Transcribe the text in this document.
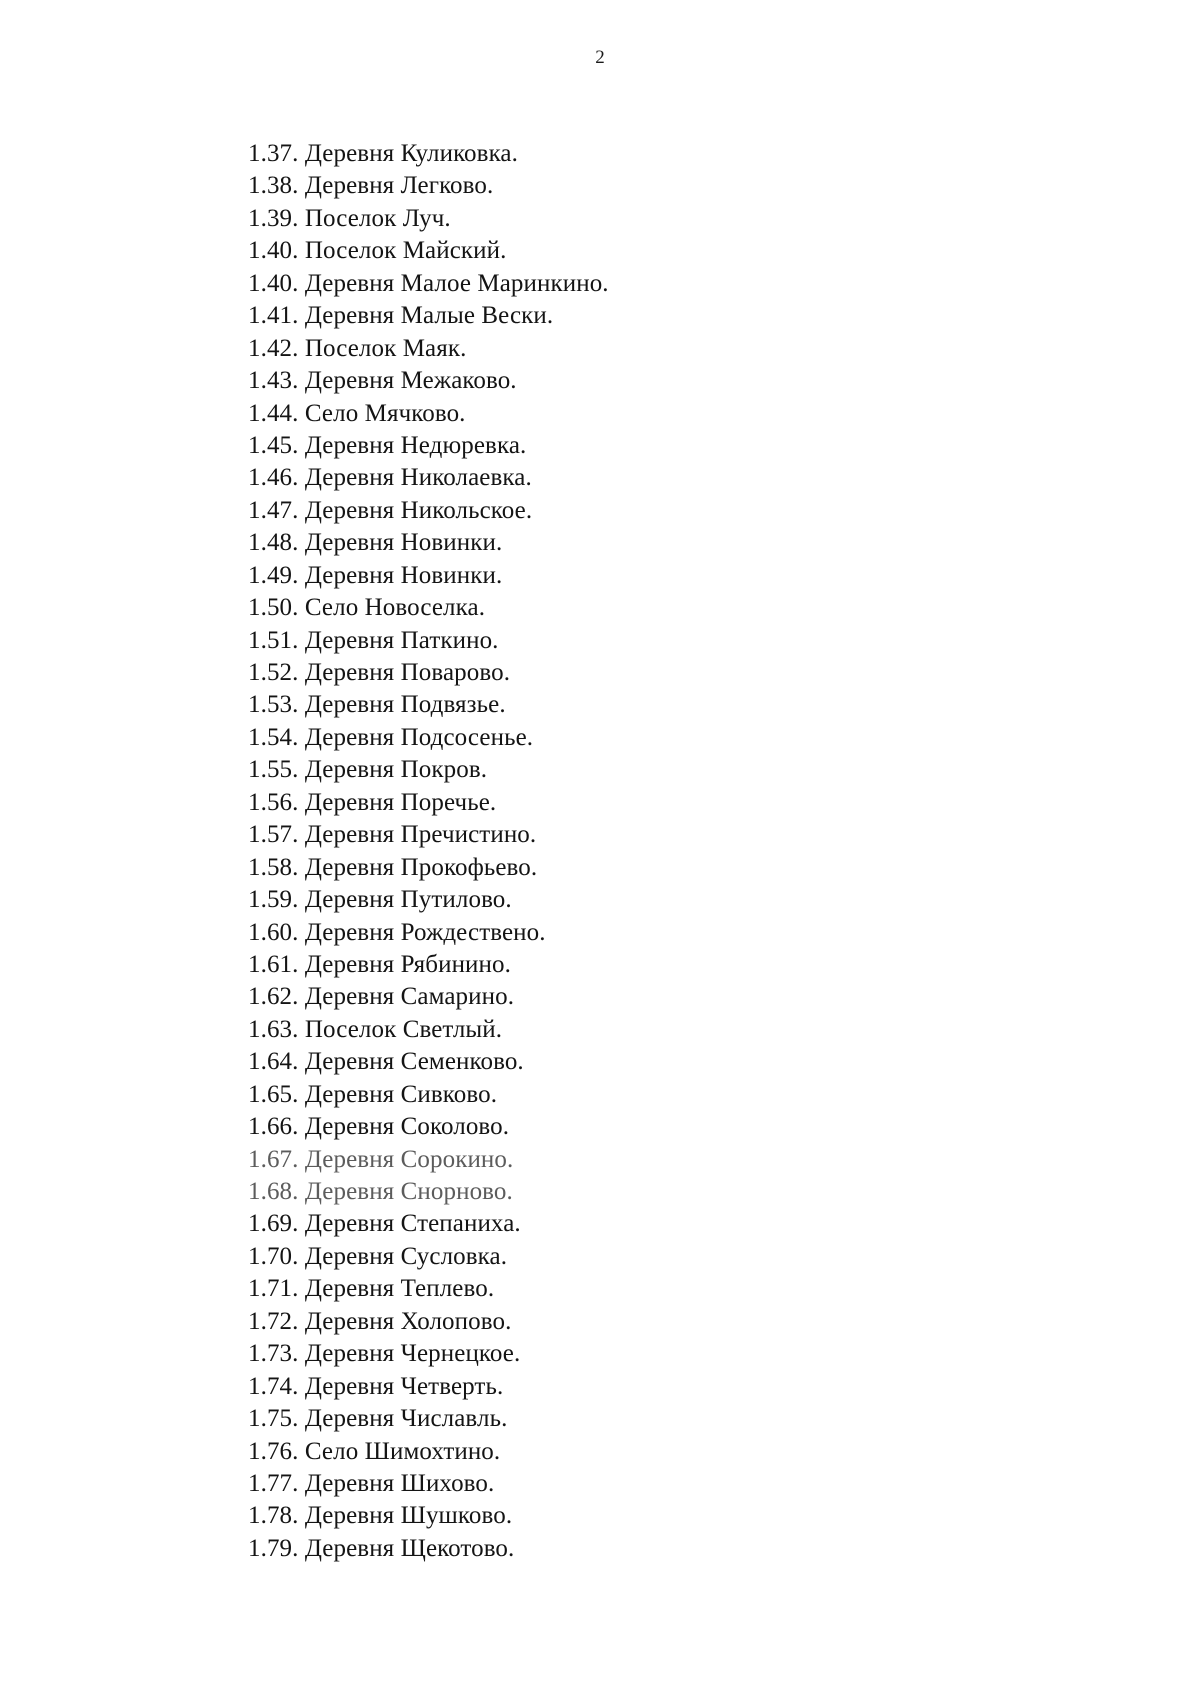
2
1.37. Деревня Куликовка.
1.38. Деревня Легково.
1.39. Поселок Луч.
1.40. Поселок Майский.
1.40. Деревня Малое Маринкино.
1.41. Деревня Малые Вески.
1.42. Поселок Маяк.
1.43. Деревня Межаково.
1.44. Село Мячково.
1.45. Деревня Недюревка.
1.46. Деревня Николаевка.
1.47. Деревня Никольское.
1.48. Деревня Новинки.
1.49. Деревня Новинки.
1.50. Село Новоселка.
1.51. Деревня Паткино.
1.52. Деревня Поварово.
1.53. Деревня Подвязье.
1.54. Деревня Подсосенье.
1.55. Деревня Покров.
1.56. Деревня Поречье.
1.57. Деревня Пречистино.
1.58. Деревня Прокофьево.
1.59. Деревня Путилово.
1.60. Деревня Рождествено.
1.61. Деревня Рябинино.
1.62. Деревня Самарино.
1.63. Поселок Светлый.
1.64. Деревня Семенково.
1.65. Деревня Сивково.
1.66. Деревня Соколово.
1.67. Деревня Сорокино.
1.68. Деревня Снорново.
1.69. Деревня Степаниха.
1.70. Деревня Сусловка.
1.71. Деревня Теплево.
1.72. Деревня Холопово.
1.73. Деревня Чернецкое.
1.74. Деревня Четверть.
1.75. Деревня Числавль.
1.76. Село Шимохтино.
1.77. Деревня Шихово.
1.78. Деревня Шушково.
1.79. Деревня Щекотово.
